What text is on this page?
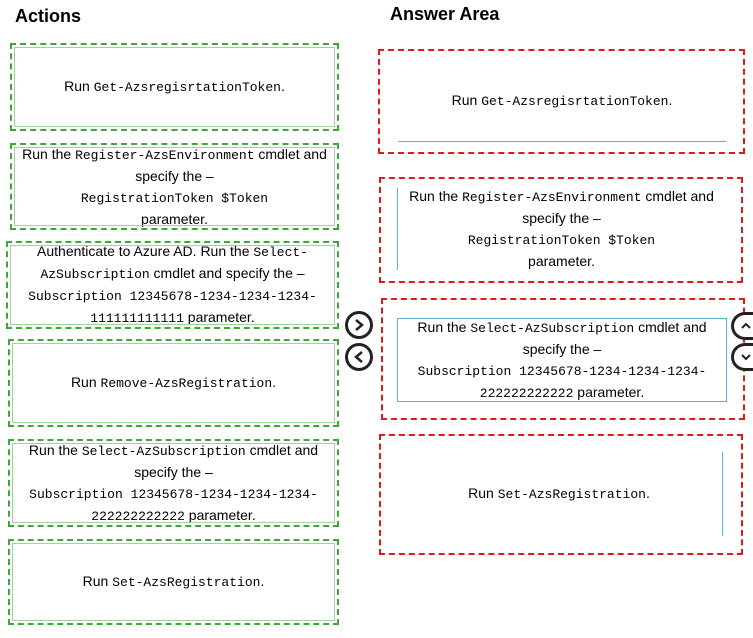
Actions	Answer Area
Run Get-AzsregisrtationToken.
Run the Register-AzsEnvironment cmdlet and specify the –
RegistrationToken $Token
parameter.
Authenticate to Azure AD. Run the Select-AzSubscription cmdlet and specify the –
Subscription 12345678-1234-1234-1234-111111111111 parameter.
Run Remove-AzsRegistration.
Run the Select-AzSubscription cmdlet and specify the –
Subscription 12345678-1234-1234-1234-222222222222 parameter.
Run Set-AzsRegistration.
Run Get-AzsregisrtationToken.
Run the Register-AzsEnvironment cmdlet and specify the –
RegistrationToken $Token
parameter.
Run the Select-AzSubscription cmdlet and specify the –
Subscription 12345678-1234-1234-1234-222222222222 parameter.
Run Set-AzsRegistration.
